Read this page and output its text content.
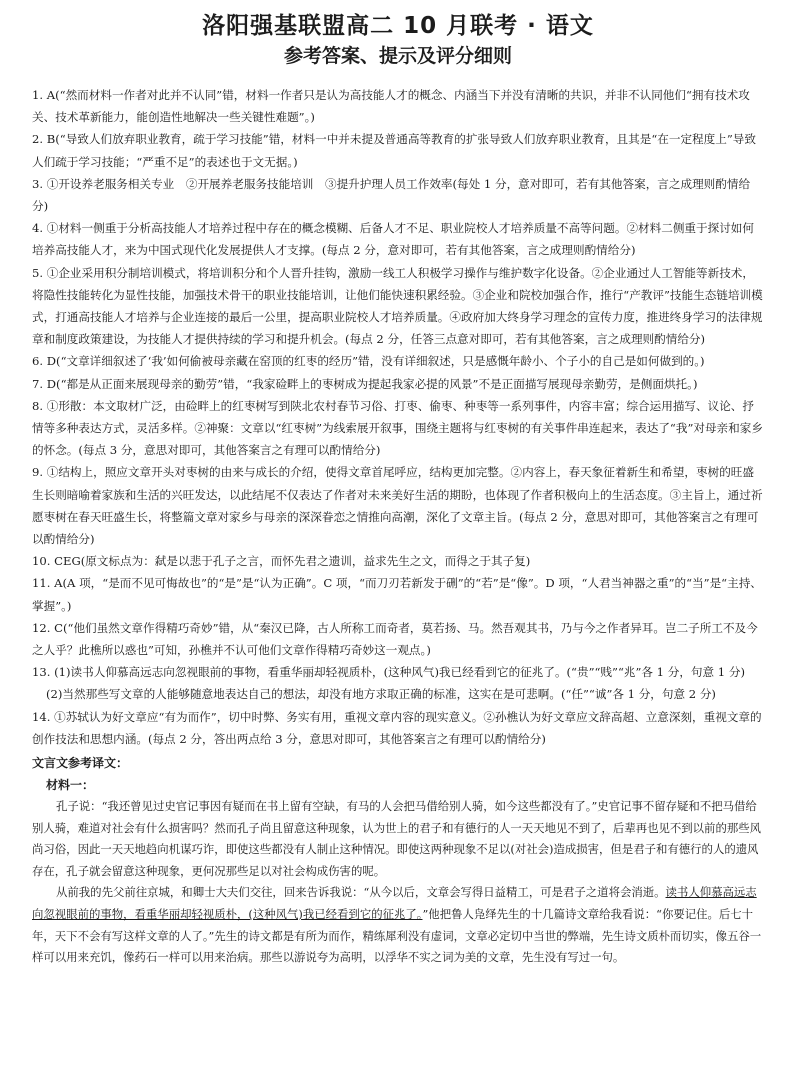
洛阳强基联盟高二 10 月联考 · 语文
参考答案、提示及评分细则
1. A(“然而材料一作者对此并不认同”错，材料一作者只是认为高技能人才的概念、内涵当下并没有清晰的共识，并非不认同他们“拥有技术攻关、技术革新能力，能创造性地解决一些关键性难题”。)
2. B(“导致人们放弃职业教育，疏于学习技能”错，材料一中并未提及普通高等教育的扩张导致人们放弃职业教育，且其是“在一定程度上”导致人们疏于学习技能；“严重不足”的表述也于文无据。)
3. ①开设养老服务相关专业　②开展养老服务技能培训　③提升护理人员工作效率(每处 1 分，意对即可，若有其他答案，言之成理则酌情给分)
4. ①材料一侧重于分析高技能人才培养过程中存在的概念模糊、后备人才不足、职业院校人才培养质量不高等问题。②材料二侧重于探讨如何培养高技能人才，来为中国式现代化发展提供人才支撑。(每点 2 分，意对即可，若有其他答案，言之成理则酌情给分)
5. ①企业采用积分制培训模式，将培训积分和个人晋升挂钩，激励一线工人积极学习操作与维护数字化设备。②企业通过人工智能等新技术，将隐性技能转化为显性技能，加强技术骨干的职业技能培训，让他们能快速积累经验。③企业和院校加强合作，推行“产教评”技能生态链培训模式，打通高技能人才培养与企业连接的最后一公里，提高职业院校人才培养质量。④政府加大终身学习理念的宣传力度，推进终身学习的法律规章和制度政策建设，为技能人才提供持续的学习和提升机会。(每点 2 分，任答三点意对即可，若有其他答案，言之成理则酌情给分)
6. D(“文章详细叙述了‘我’如何偷被母亲藏在窑顶的红枣的经历”错，没有详细叙述，只是感慨年龄小、个子小的自己是如何做到的。)
7. D(“都是从正面来展现母亲的勤劳”错，“我家硷畔上的枣树成为提起我家必提的风景”不是正面描写展现母亲勤劳，是侧面烘托。)
8. ①形散：本文取材广泛，由硷畔上的红枣树写到陕北农村春节习俗、打枣、偷枣、种枣等一系列事件，内容丰富；综合运用描写、议论、抒情等多种表达方式，灵活多样。②神聚：文章以“红枣树”为线索展开叙事，围绕主题将与红枣树的有关事件串连起来，表达了“我”对母亲和家乡的怀念。(每点 3 分，意思对即可，其他答案言之有理可以酌情给分)
9. ①结构上，照应文章开头对枣树的由来与成长的介绍，使得文章首尾呼应，结构更加完整。②内容上，春天象征着新生和希望，枣树的旺盛生长则暗喻着家族和生活的兴旺发达，以此结尾不仅表达了作者对未来美好生活的期盼，也体现了作者积极向上的生活态度。③主旨上，通过祈愿枣树在春天旺盛生长，将整篇文章对家乡与母亲的深深眷恋之情推向高潮，深化了文章主旨。(每点 2 分，意思对即可，其他答案言之有理可以酌情给分)
10. CEG(原文标点为：弑是以悲于孔子之言，而怀先君之遗训，益求先生之文，而得之于其子复)
11. A(A 项，“是而不见可悔故也”的“是”是“认为正确”。C 项，“而刀刃若新发于硎”的“若”是“像”。D 项，“人君当神器之重”的“当”是“主持、掌握”。)
12. C(“他们虽然文章作得精巧奇妙”错，从“秦汉已降，古人所称工而奇者，莫若扬、马。然吾观其书，乃与今之作者异耳。岂二子所工不及今之人乎？此樵所以惑也”可知，孙樵并不认可他们文章作得精巧奇妙这一观点。)
13. (1)读书人仰慕高远志向忽视眼前的事物，看重华丽却轻视质朴，(这种风气)我已经看到它的征兆了。(“贵”“贱”“兆”各 1 分，句意 1 分)
(2)当然那些写文章的人能够随意地表达自己的想法，却没有地方求取正确的标准，这实在是可悲啊。(“任”“诚”各 1 分，句意 2 分)
14. ①苏轼认为好文章应“有为而作”，切中时弊、务实有用，重视文章内容的现实意义。②孙樵认为好文章应文辞高超、立意深刻，重视文章的创作技法和思想内涵。(每点 2 分，答出两点给 3 分，意思对即可，其他答案言之有理可以酌情给分)
文言文参考译文：
材料一：
孔子说：“我还曾见过史官记事因有疑而在书上留有空缺，有马的人会把马借给别人骑，如今这些都没有了。”史官记事不留存疑和不把马借给别人骑，难道对社会有什么损害吗？然而孔子尚且留意这种现象，认为世上的君子和有德行的人一天天地见不到了，后辈再也见不到以前的那些风尚习俗，因此一天天地趋向机谋巧诈，即使这些都没有人制止这种情况。即使这两种现象不足以(对社会)造成损害，但是君子和有德行的人的遗风存在，孔子就会留意这种现象，更何况那些足以对社会构成伤害的呢。
从前我的先父前往京城，和卿士大夫们交往，回来告诉我说：“从今以后，文章会写得日益精工，可是君子之道将会消逝。读书人仰慕高远志向忽视眼前的事物，看重华丽却轻视质朴，(这种风气)我已经看到它的征兆了。”他把鲁人凫绎先生的十几篇诗文章给我看说：“你要记住。后七十年，天下不会有写这样文章的人了。”先生的诗文都是有所为而作，精练犀利没有虚词，文章必定切中当世的弊端，先生诗文质朴而切实，像五谷一样可以用来充饥，像药石一样可以用来治病。那些以游说夸为高明，以浮华不实之词为美的文章，先生没有写过一句。
